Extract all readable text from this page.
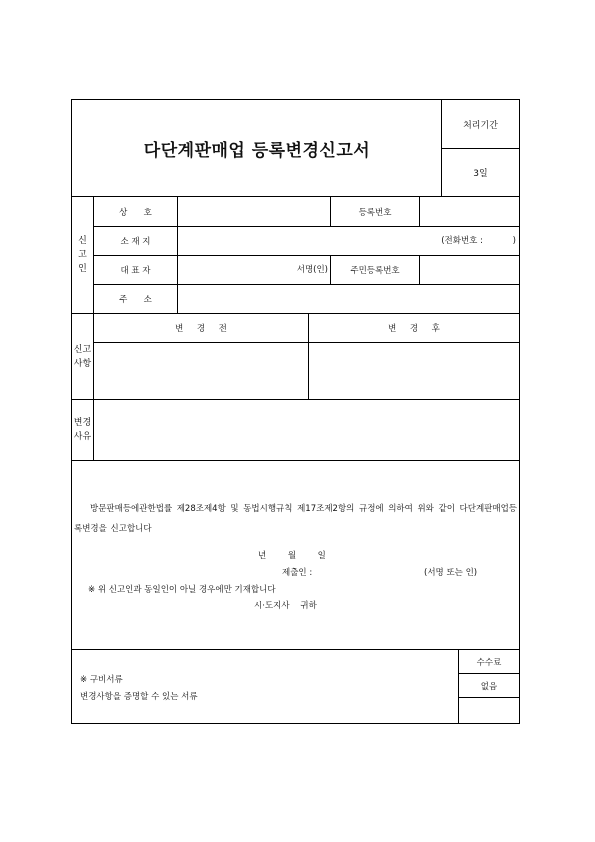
다단계판매업 등록변경신고서
처리기간
3일
신
고
인
상      호	등록번호
소 재 지	(전화번호 :           )
대 표 자	서명(인)	주민등록번호
주      소
신고
사항
변     경     전	변     경     후
변경
사유
방문판매등에관한법률 제28조제4항 및 동법시행규칙 제17조제2항의 규정에 의하여 위와 같이 다단계판매업등록변경을 신고합니다
년        월        일
제출인 :	(서명 또는 인)
※ 위 신고인과 동일인이 아닐 경우에만 기재합니다
시·도지사    귀하
※ 구비서류
변경사항을 증명할 수 있는 서류
수수료
없음
